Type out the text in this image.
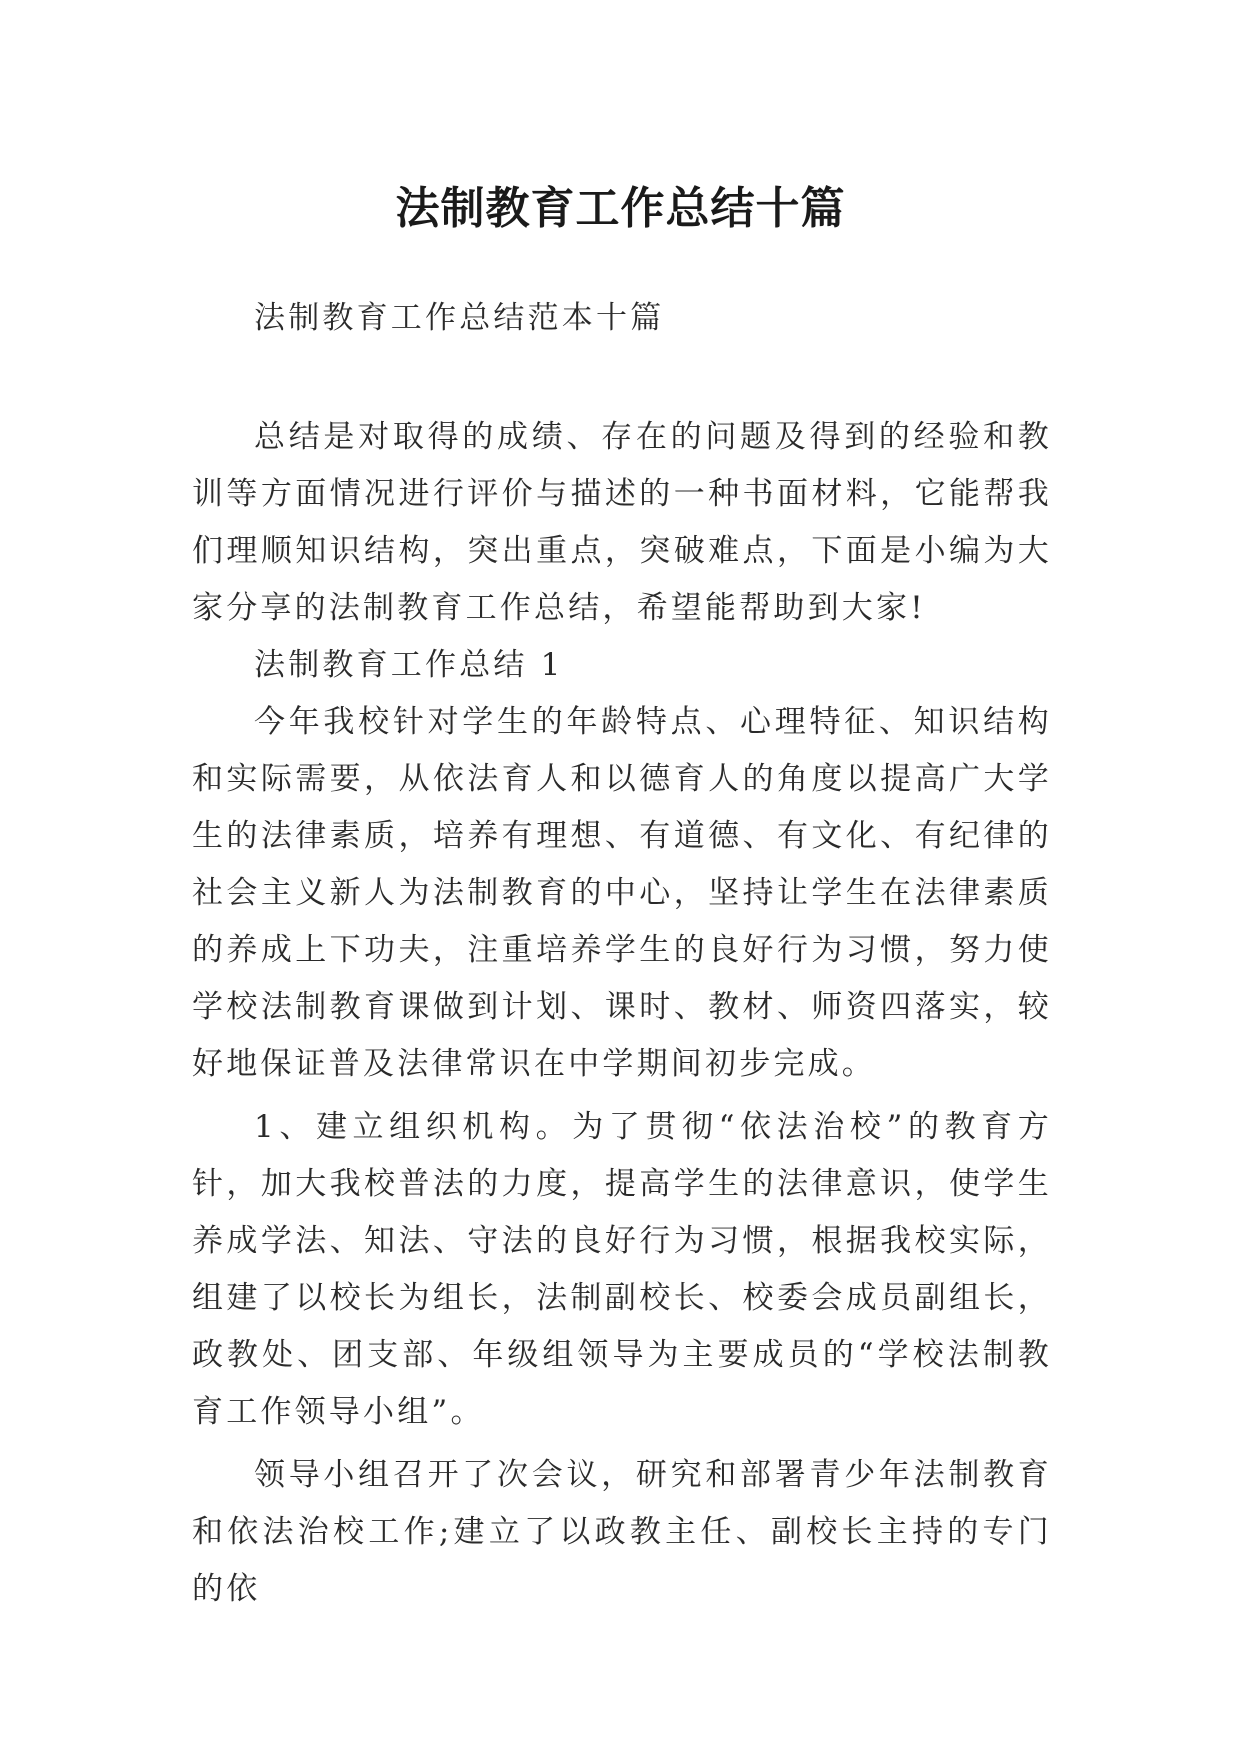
法制教育工作总结十篇

法制教育工作总结范本十篇

总结是对取得的成绩、存在的问题及得到的经验和教训等方面情况进行评价与描述的一种书面材料，它能帮我们理顺知识结构，突出重点，突破难点，下面是小编为大家分享的法制教育工作总结，希望能帮助到大家!

法制教育工作总结 1

今年我校针对学生的年龄特点、心理特征、知识结构和实际需要，从依法育人和以德育人的角度以提高广大学生的法律素质，培养有理想、有道德、有文化、有纪律的社会主义新人为法制教育的中心，坚持让学生在法律素质的养成上下功夫，注重培养学生的良好行为习惯，努力使学校法制教育课做到计划、课时、教材、师资四落实，较好地保证普及法律常识在中学期间初步完成。

1、建立组织机构。为了贯彻“依法治校”的教育方针，加大我校普法的力度，提高学生的法律意识，使学生养成学法、知法、守法的良好行为习惯，根据我校实际，组建了以校长为组长，法制副校长、校委会成员副组长，政教处、团支部、年级组领导为主要成员的“学校法制教育工作领导小组”。

领导小组召开了次会议，研究和部署青少年法制教育和依法治校工作;建立了以政教主任、副校长主持的专门的依
